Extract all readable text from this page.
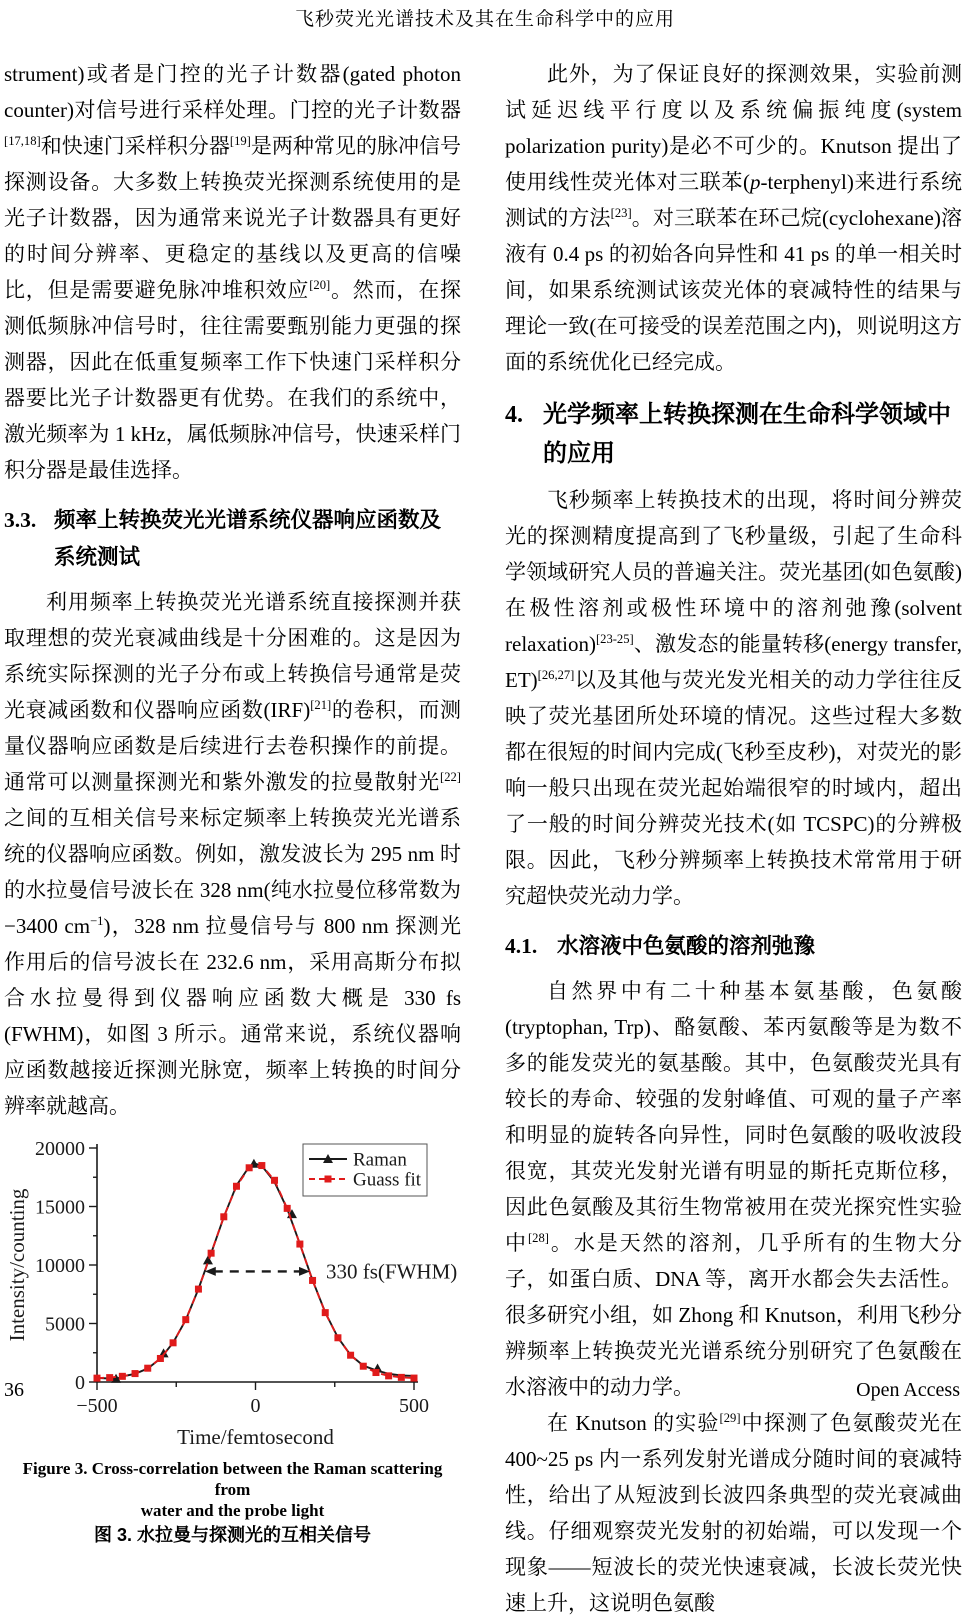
飞秒荧光光谱技术及其在生命科学中的应用

strument)或者是门控的光子计数器(gated photon counter)对信号进行采样处理。门控的光子计数器[17,18]和快速门采样积分器[19]是两种常见的脉冲信号探测设备。大多数上转换荧光探测系统使用的是光子计数器，因为通常来说光子计数器具有更好的时间分辨率、更稳定的基线以及更高的信噪比，但是需要避免脉冲堆积效应[20]。然而，在探测低频脉冲信号时，往往需要甄别能力更强的探测器，因此在低重复频率工作下快速门采样积分器要比光子计数器更有优势。在我们的系统中，激光频率为 1 kHz，属低频脉冲信号，快速采样门积分器是最佳选择。

3.3. 频率上转换荧光光谱系统仪器响应函数及系统测试

利用频率上转换荧光光谱系统直接探测并获取理想的荧光衰减曲线是十分困难的。这是因为系统实际探测的光子分布或上转换信号通常是荧光衰减函数和仪器响应函数(IRF)[21]的卷积，而测量仪器响应函数是后续进行去卷积操作的前提。通常可以测量探测光和紫外激发的拉曼散射光[22]之间的互相关信号来标定频率上转换荧光光谱系统的仪器响应函数。例如，激发波长为 295 nm 时的水拉曼信号波长在 328 nm(纯水拉曼位移常数为−3400 $cm^{-1}$)，328 nm 拉曼信号与 800 nm 探测光作用后的信号波长在 232.6 nm，采用高斯分布拟合水拉曼得到仪器响应函数大概是 330 fs (FWHM)，如图 3 所示。通常来说，系统仪器响应函数越接近探测光脉宽，频率上转换的时间分辨率就越高。

0
5000
10000
15000
20000
−500	0	500
Time/femtosecond
Intensity/counting	330 fs(FWHM)
Raman
Guass fit
Figure 3. Cross-correlation between the Raman scattering from
water and the probe light
图 3. 水拉曼与探测光的互相关信号

此外，为了保证良好的探测效果，实验前测试延迟线平行度以及系统偏振纯度(system polarization purity)是必不可少的。Knutson 提出了使用线性荧光体对三联苯(p-terphenyl)来进行系统测试的方法[23]。对三联苯在环己烷(cyclohexane)溶液有 0.4 ps 的初始各向异性和 41 ps 的单一相关时间，如果系统测试该荧光体的衰减特性的结果与理论一致(在可接受的误差范围之内)，则说明这方面的系统优化已经完成。

4. 光学频率上转换探测在生命科学领域中的应用

飞秒频率上转换技术的出现，将时间分辨荧光的探测精度提高到了飞秒量级，引起了生命科学领域研究人员的普遍关注。荧光基团(如色氨酸)在极性溶剂或极性环境中的溶剂弛豫(solvent relaxation)[23-25]、激发态的能量转移(energy transfer, ET)[26,27]以及其他与荧光发光相关的动力学往往反映了荧光基团所处环境的情况。这些过程大多数都在很短的时间内完成(飞秒至皮秒)，对荧光的影响一般只出现在荧光起始端很窄的时域内，超出了一般的时间分辨荧光技术(如 TCSPC)的分辨极限。因此，飞秒分辨频率上转换技术常常用于研究超快荧光动力学。

4.1. 水溶液中色氨酸的溶剂弛豫

自然界中有二十种基本氨基酸，色氨酸(tryptophan, Trp)、酪氨酸、苯丙氨酸等是为数不多的能发荧光的氨基酸。其中，色氨酸荧光具有较长的寿命、较强的发射峰值、可观的量子产率和明显的旋转各向异性，同时色氨酸的吸收波段很宽，其荧光发射光谱有明显的斯托克斯位移，因此色氨酸及其衍生物常被用在荧光探究性实验中[28]。水是天然的溶剂，几乎所有的生物大分子，如蛋白质、DNA 等，离开水都会失去活性。很多研究小组，如 Zhong 和 Knutson，利用飞秒分辨频率上转换荧光光谱系统分别研究了色氨酸在水溶液中的动力学。

在 Knutson 的实验[29]中探测了色氨酸荧光在 400~25 ps 内一系列发射光谱成分随时间的衰减特性，给出了从短波到长波四条典型的荧光衰减曲线。仔细观察荧光发射的初始端，可以发现一个现象——短波长的荧光快速衰减，长波长荧光快速上升，这说明色氨酸

36	Open Access
